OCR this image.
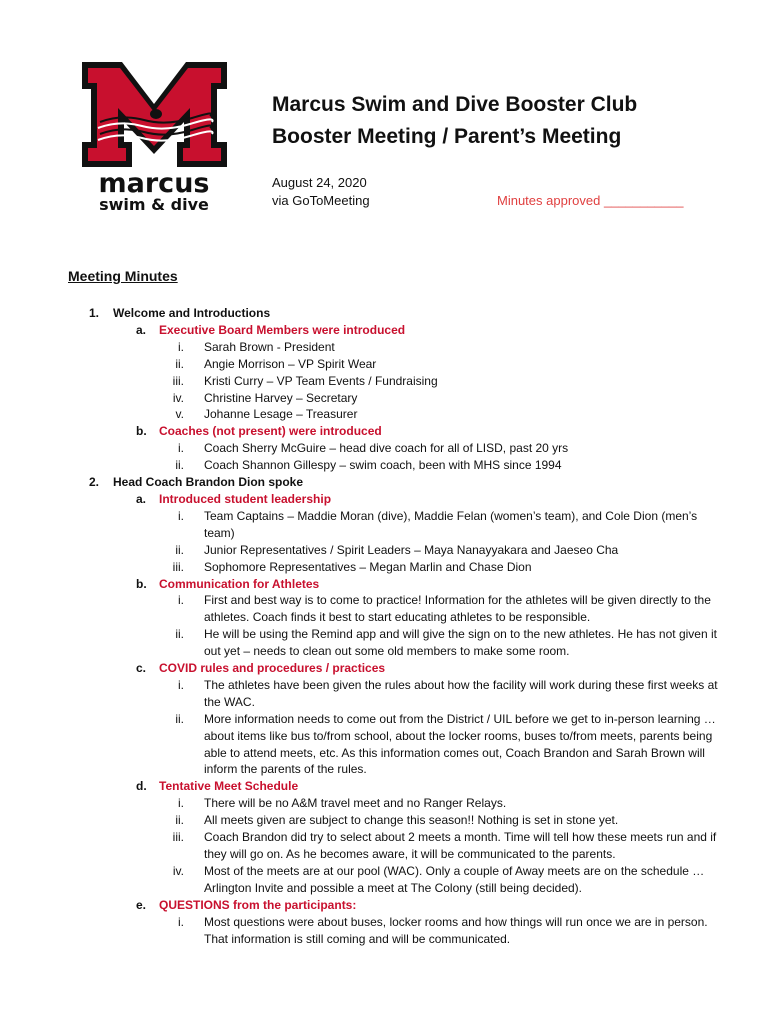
marcus
swim & dive
Marcus Swim and Dive Booster Club
Booster Meeting / Parent’s Meeting
August 24, 2020
via GoToMeeting	Minutes approved ___________
Meeting Minutes
1. Welcome and Introductions
a. Executive Board Members were introduced
i. Sarah Brown - President
ii. Angie Morrison – VP Spirit Wear
iii. Kristi Curry – VP Team Events / Fundraising
iv. Christine Harvey – Secretary
v. Johanne Lesage – Treasurer
b. Coaches (not present) were introduced
i. Coach Sherry McGuire – head dive coach for all of LISD, past 20 yrs
ii. Coach Shannon Gillespy – swim coach, been with MHS since 1994
2. Head Coach Brandon Dion spoke
a. Introduced student leadership
i. Team Captains – Maddie Moran (dive), Maddie Felan (women’s team), and Cole Dion (men’s team)
ii. Junior Representatives / Spirit Leaders – Maya Nanayyakara and Jaeseo Cha
iii. Sophomore Representatives – Megan Marlin and Chase Dion
b. Communication for Athletes
i. First and best way is to come to practice! Information for the athletes will be given directly to the athletes. Coach finds it best to start educating athletes to be responsible.
ii. He will be using the Remind app and will give the sign on to the new athletes. He has not given it out yet – needs to clean out some old members to make some room.
c. COVID rules and procedures / practices
i. The athletes have been given the rules about how the facility will work during these first weeks at the WAC.
ii. More information needs to come out from the District / UIL before we get to in-person learning … about items like bus to/from school, about the locker rooms, buses to/from meets, parents being able to attend meets, etc. As this information comes out, Coach Brandon and Sarah Brown will inform the parents of the rules.
d. Tentative Meet Schedule
i. There will be no A&M travel meet and no Ranger Relays.
ii. All meets given are subject to change this season!! Nothing is set in stone yet.
iii. Coach Brandon did try to select about 2 meets a month. Time will tell how these meets run and if they will go on. As he becomes aware, it will be communicated to the parents.
iv. Most of the meets are at our pool (WAC). Only a couple of Away meets are on the schedule … Arlington Invite and possible a meet at The Colony (still being decided).
e. QUESTIONS from the participants:
i. Most questions were about buses, locker rooms and how things will run once we are in person. That information is still coming and will be communicated.
